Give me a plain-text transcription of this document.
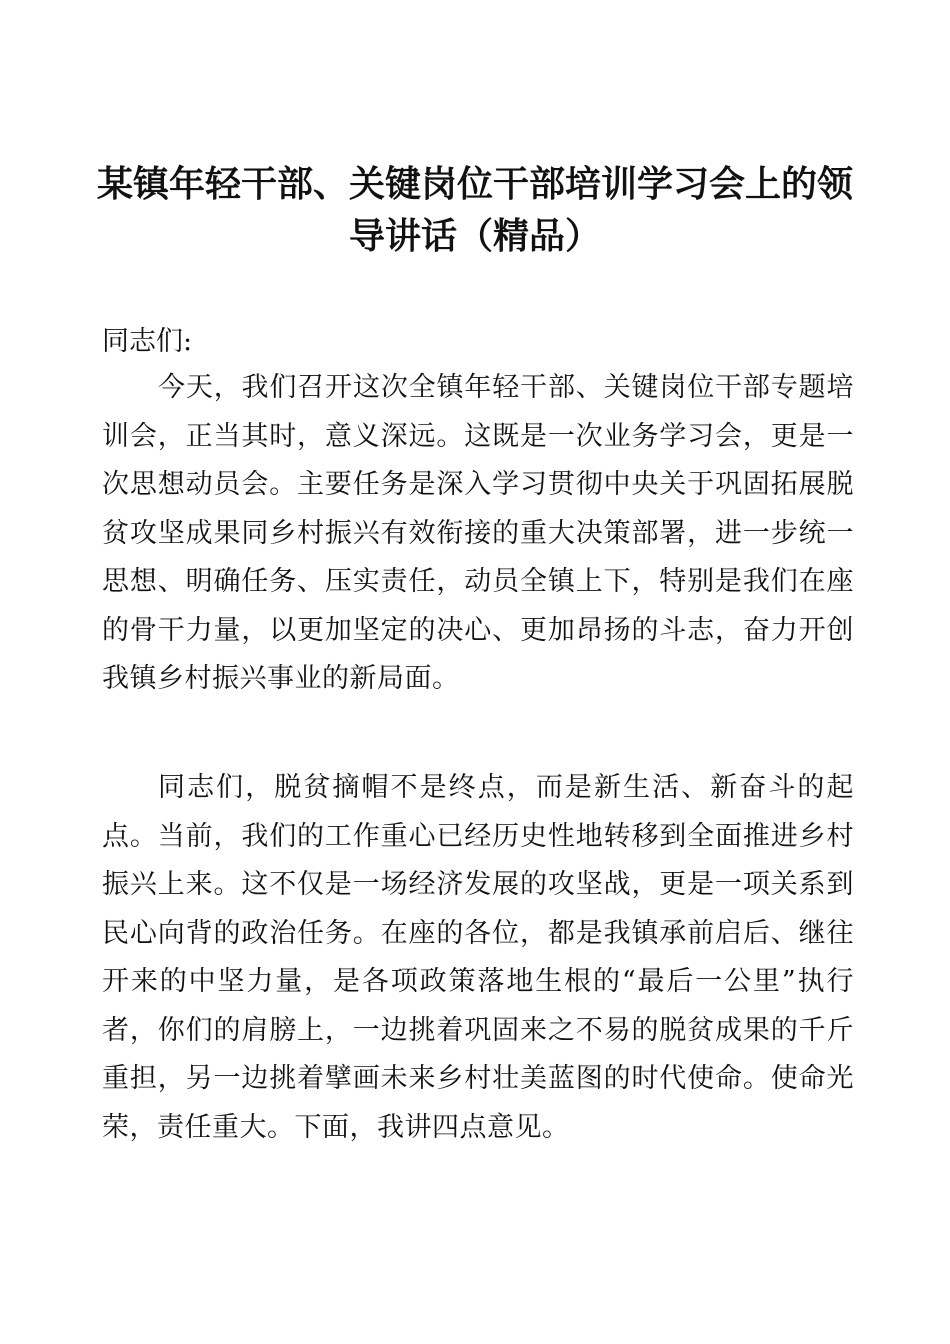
某镇年轻干部、关键岗位干部培训学习会上的领导讲话（精品）

同志们:

今天，我们召开这次全镇年轻干部、关键岗位干部专题培训会，正当其时，意义深远。这既是一次业务学习会，更是一次思想动员会。主要任务是深入学习贯彻中央关于巩固拓展脱贫攻坚成果同乡村振兴有效衔接的重大决策部署，进一步统一思想、明确任务、压实责任，动员全镇上下，特别是我们在座的骨干力量，以更加坚定的决心、更加昂扬的斗志，奋力开创我镇乡村振兴事业的新局面。

同志们，脱贫摘帽不是终点，而是新生活、新奋斗的起点。当前，我们的工作重心已经历史性地转移到全面推进乡村振兴上来。这不仅是一场经济发展的攻坚战，更是一项关系到民心向背的政治任务。在座的各位，都是我镇承前启后、继往开来的中坚力量，是各项政策落地生根的“最后一公里”执行者，你们的肩膀上，一边挑着巩固来之不易的脱贫成果的千斤重担，另一边挑着擘画未来乡村壮美蓝图的时代使命。使命光荣，责任重大。下面，我讲四点意见。
